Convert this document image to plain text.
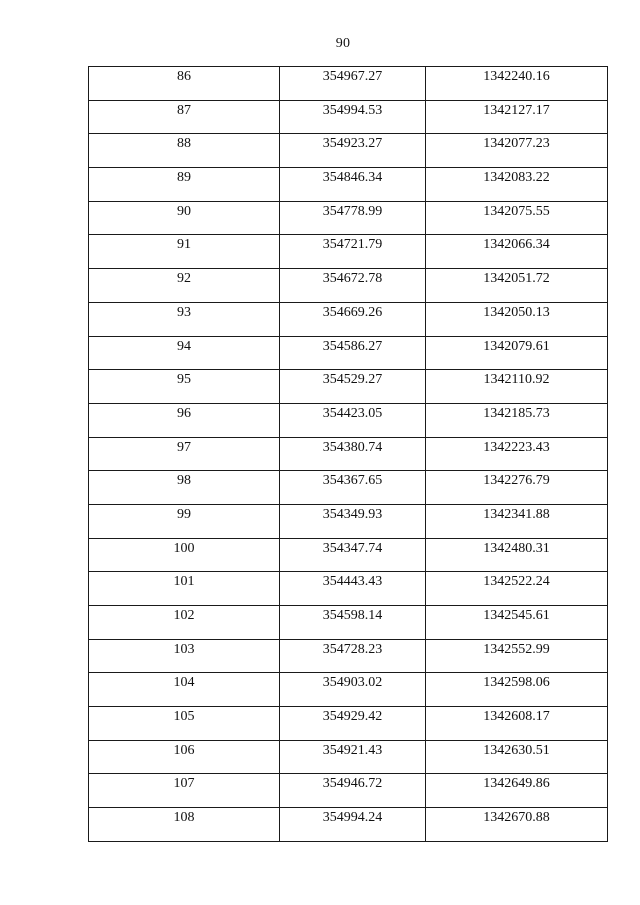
90
86	354967.27	1342240.16
87	354994.53	1342127.17
88	354923.27	1342077.23
89	354846.34	1342083.22
90	354778.99	1342075.55
91	354721.79	1342066.34
92	354672.78	1342051.72
93	354669.26	1342050.13
94	354586.27	1342079.61
95	354529.27	1342110.92
96	354423.05	1342185.73
97	354380.74	1342223.43
98	354367.65	1342276.79
99	354349.93	1342341.88
100	354347.74	1342480.31
101	354443.43	1342522.24
102	354598.14	1342545.61
103	354728.23	1342552.99
104	354903.02	1342598.06
105	354929.42	1342608.17
106	354921.43	1342630.51
107	354946.72	1342649.86
108	354994.24	1342670.88
